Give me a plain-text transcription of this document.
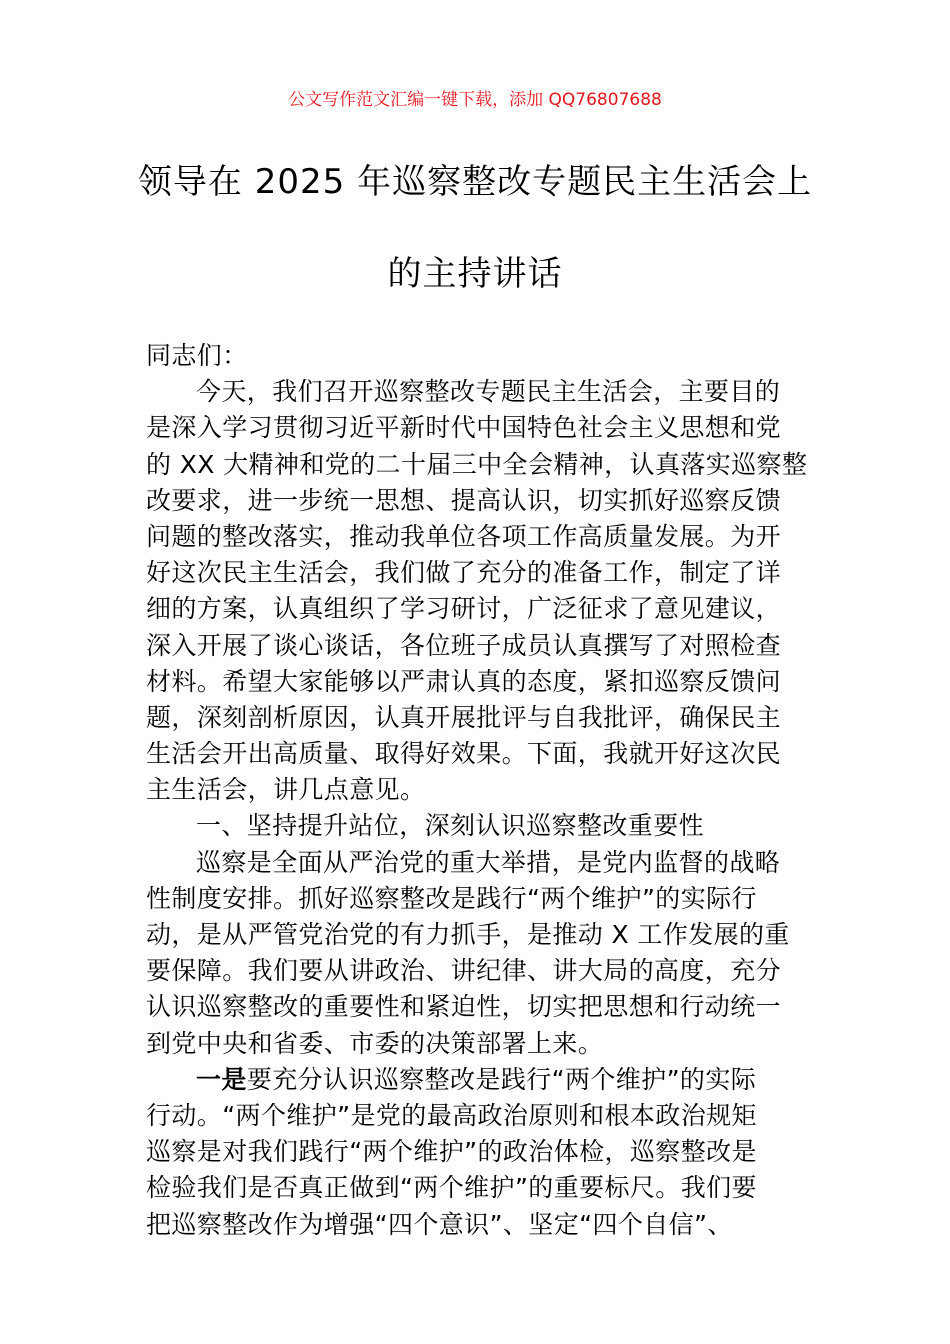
公文写作范文汇编一键下载，添加 QQ76807688
领导在 2025 年巡察整改专题民主生活会上
的主持讲话
同志们：
今天，我们召开巡察整改专题民主生活会，主要目的
是深入学习贯彻习近平新时代中国特色社会主义思想和党
的 XX 大精神和党的二十届三中全会精神，认真落实巡察整
改要求，进一步统一思想、提高认识，切实抓好巡察反馈
问题的整改落实，推动我单位各项工作高质量发展。为开
好这次民主生活会，我们做了充分的准备工作，制定了详
细的方案，认真组织了学习研讨，广泛征求了意见建议，
深入开展了谈心谈话，各位班子成员认真撰写了对照检查
材料。希望大家能够以严肃认真的态度，紧扣巡察反馈问
题，深刻剖析原因，认真开展批评与自我批评，确保民主
生活会开出高质量、取得好效果。下面，我就开好这次民
主生活会，讲几点意见。
一、坚持提升站位，深刻认识巡察整改重要性
巡察是全面从严治党的重大举措，是党内监督的战略
性制度安排。抓好巡察整改是践行“两个维护”的实际行
动，是从严管党治党的有力抓手，是推动 X 工作发展的重
要保障。我们要从讲政治、讲纪律、讲大局的高度，充分
认识巡察整改的重要性和紧迫性，切实把思想和行动统一
到党中央和省委、市委的决策部署上来。
一是要充分认识巡察整改是践行“两个维护”的实际
行动。“两个维护”是党的最高政治原则和根本政治规矩
巡察是对我们践行“两个维护”的政治体检，巡察整改是
检验我们是否真正做到“两个维护”的重要标尺。我们要
把巡察整改作为增强“四个意识”、坚定“四个自信”、
